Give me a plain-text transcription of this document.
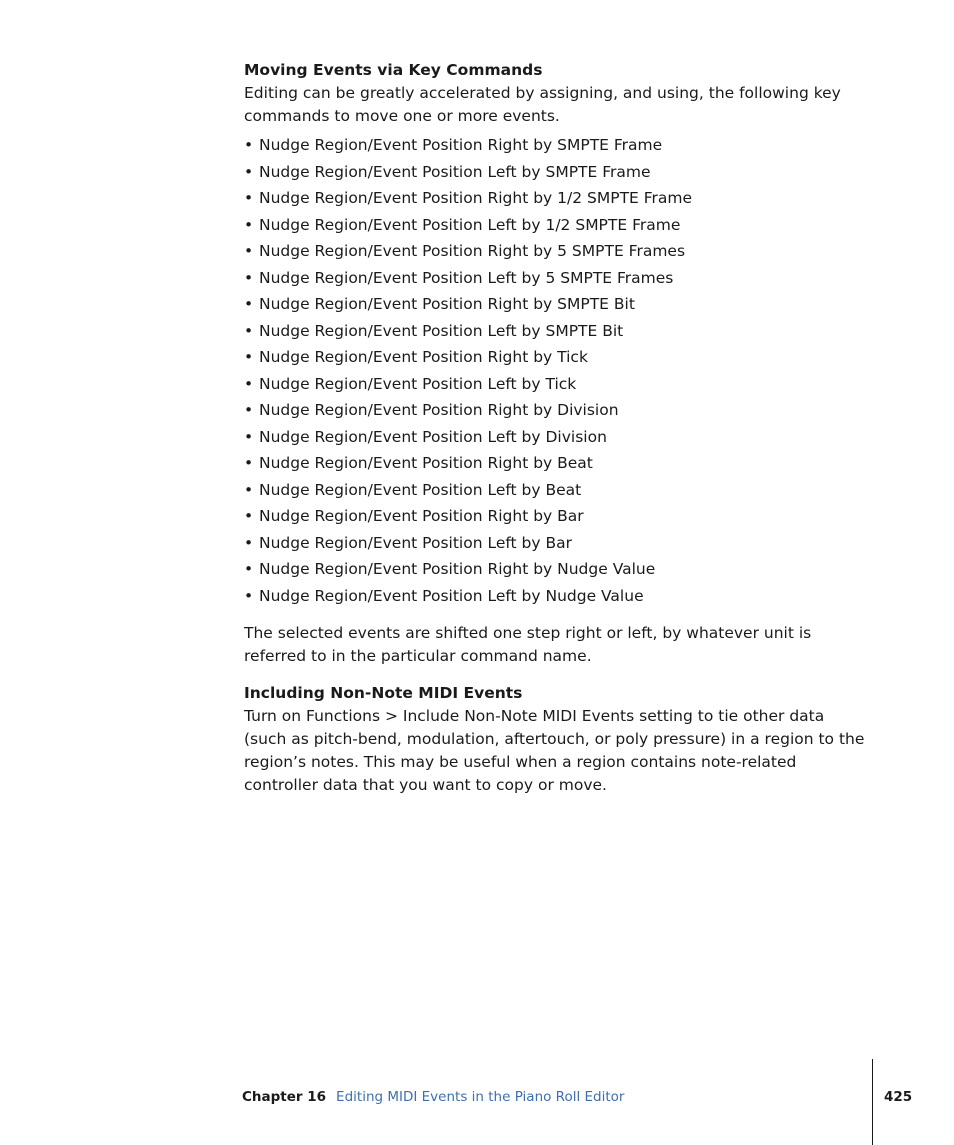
Moving Events via Key Commands

Editing can be greatly accelerated by assigning, and using, the following key commands to move one or more events.

• Nudge Region/Event Position Right by SMPTE Frame
• Nudge Region/Event Position Left by SMPTE Frame
• Nudge Region/Event Position Right by 1/2 SMPTE Frame
• Nudge Region/Event Position Left by 1/2 SMPTE Frame
• Nudge Region/Event Position Right by 5 SMPTE Frames
• Nudge Region/Event Position Left by 5 SMPTE Frames
• Nudge Region/Event Position Right by SMPTE Bit
• Nudge Region/Event Position Left by SMPTE Bit
• Nudge Region/Event Position Right by Tick
• Nudge Region/Event Position Left by Tick
• Nudge Region/Event Position Right by Division
• Nudge Region/Event Position Left by Division
• Nudge Region/Event Position Right by Beat
• Nudge Region/Event Position Left by Beat
• Nudge Region/Event Position Right by Bar
• Nudge Region/Event Position Left by Bar
• Nudge Region/Event Position Right by Nudge Value
• Nudge Region/Event Position Left by Nudge Value

The selected events are shifted one step right or left, by whatever unit is referred to in the particular command name.

Including Non-Note MIDI Events

Turn on Functions > Include Non-Note MIDI Events setting to tie other data (such as pitch-bend, modulation, aftertouch, or poly pressure) in a region to the region’s notes. This may be useful when a region contains note-related controller data that you want to copy or move.

Chapter 16 Editing MIDI Events in the Piano Roll Editor	425
